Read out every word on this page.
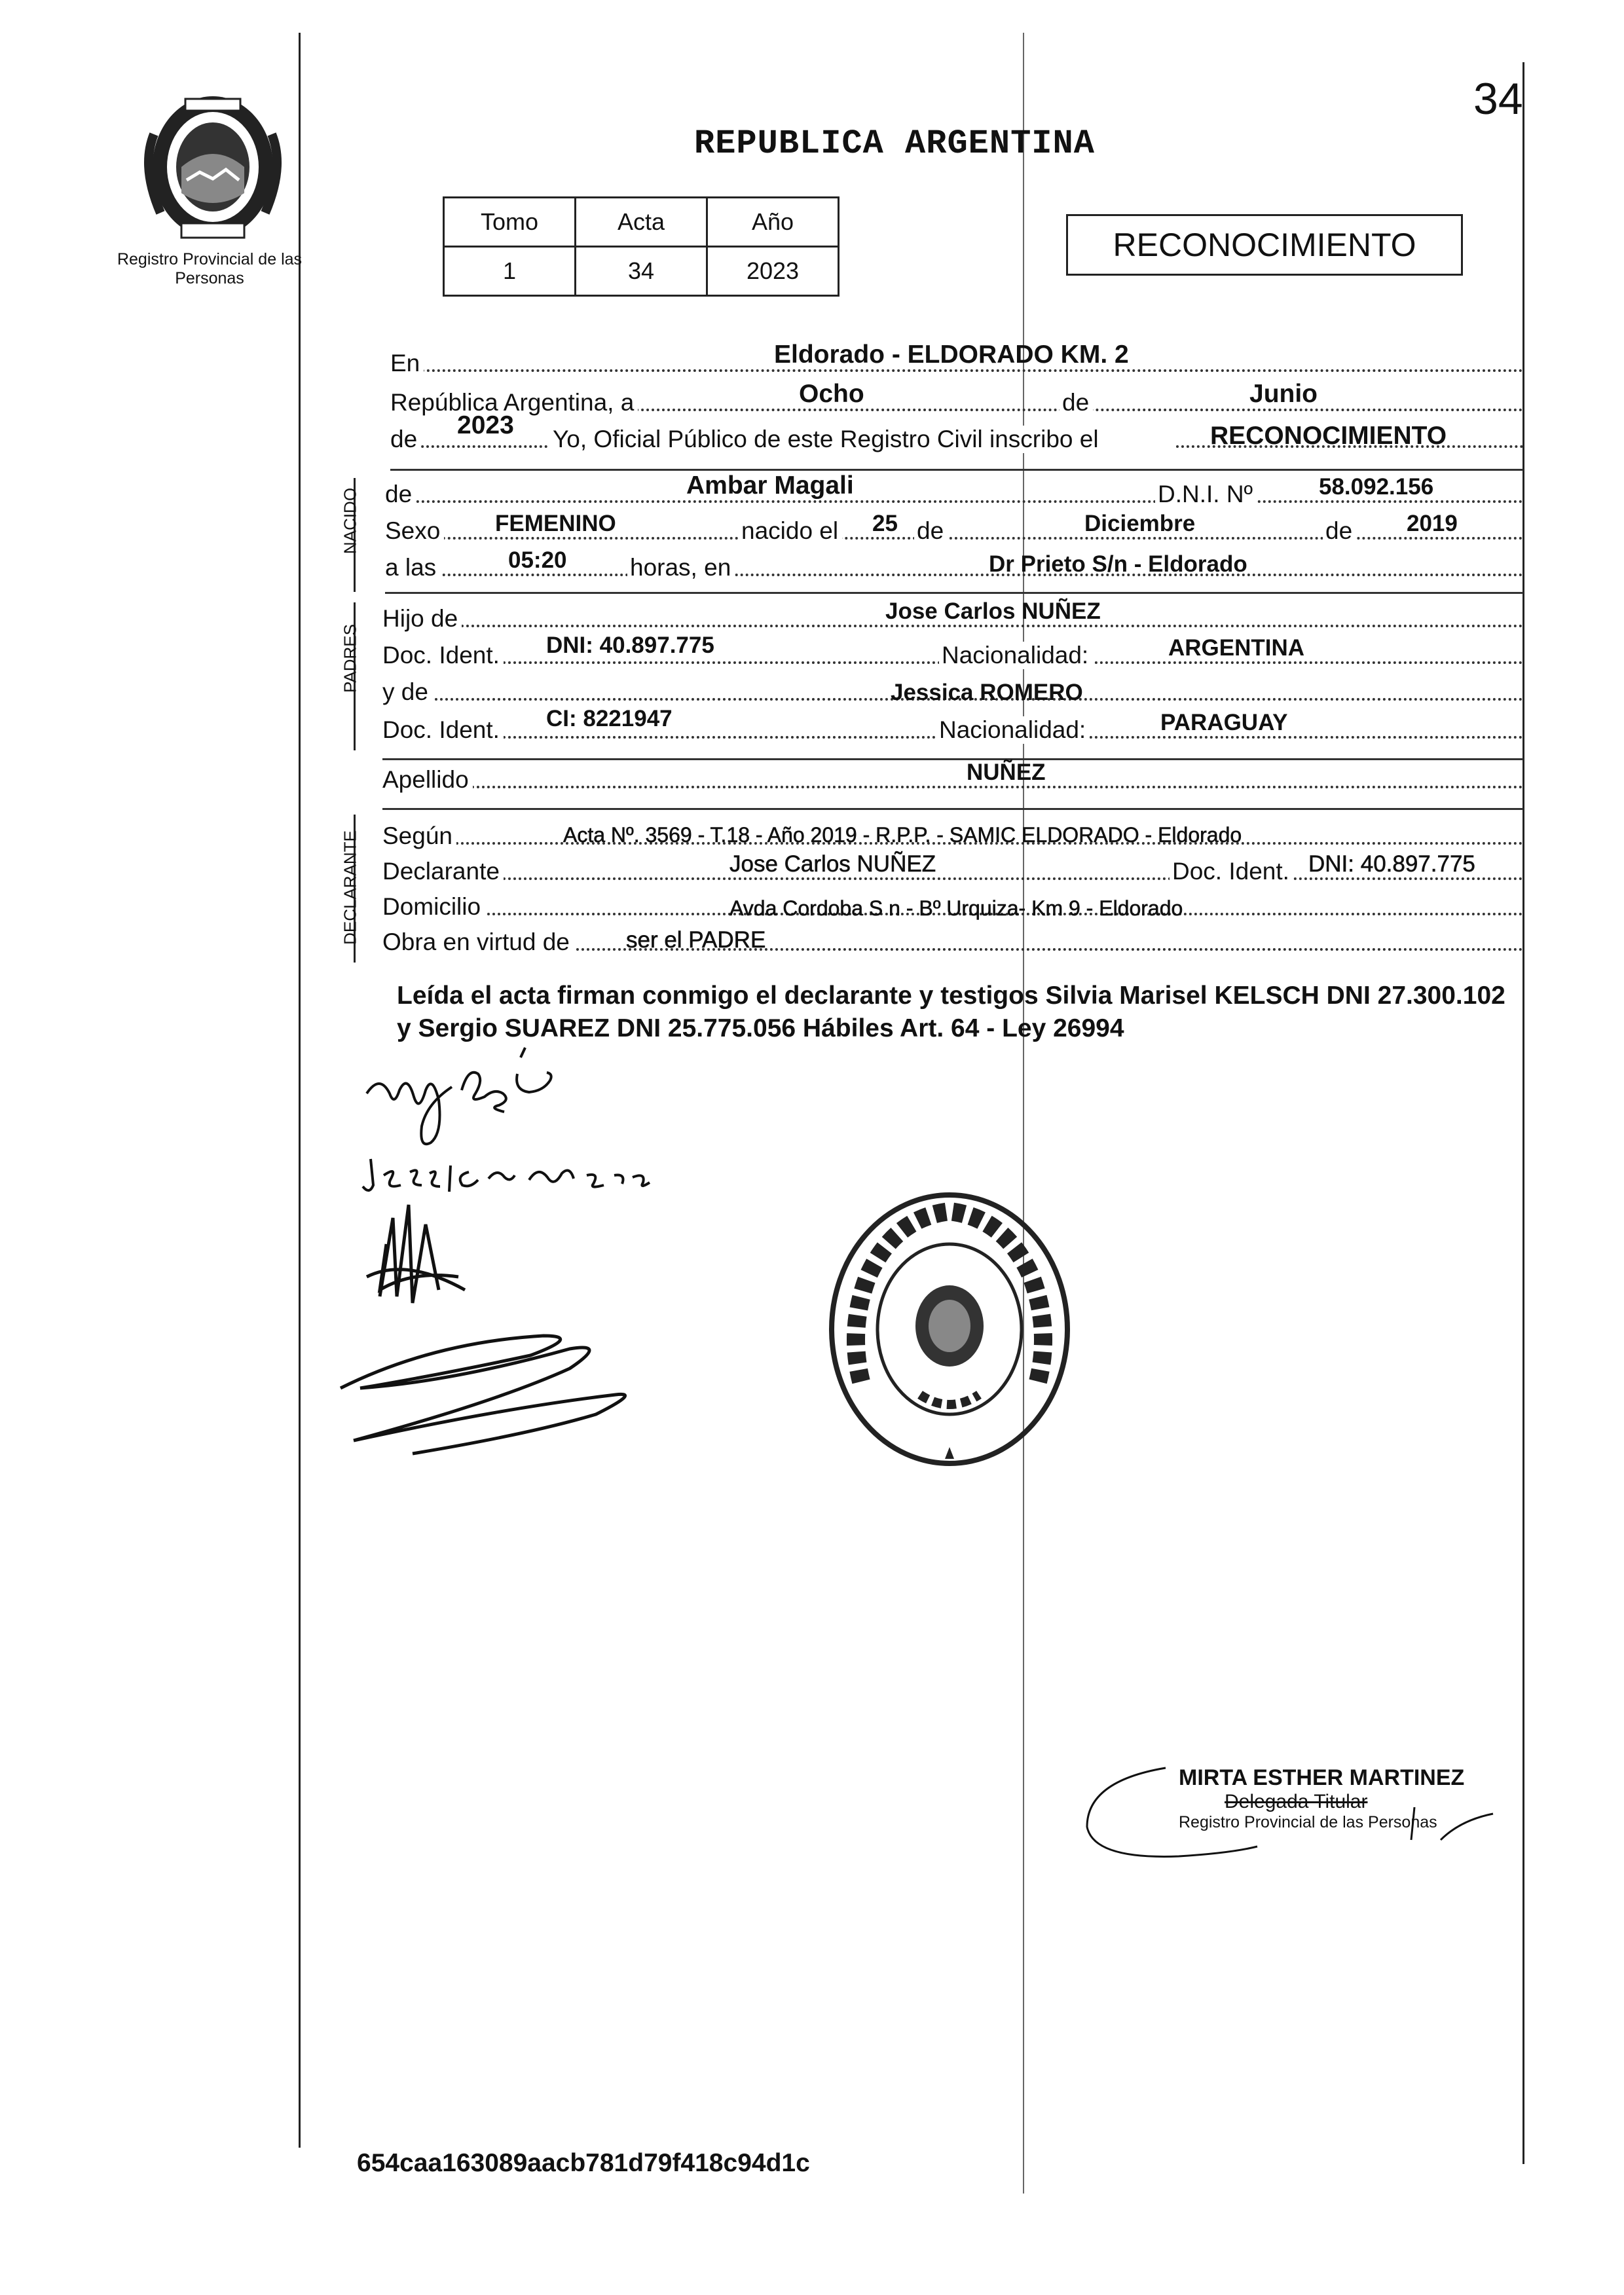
Registro Provincial de las Personas
34
REPUBLICA ARGENTINA
Tomo	Acta	Año
1	34	2023
RECONOCIMIENTO
En	Eldorado - ELDORADO KM. 2
República Argentina, a	Ocho	de	Junio
de 2023 Yo, Oficial Público de este Registro Civil inscribo el	RECONOCIMIENTO
NACIDO de	Ambar Magali	D.N.I. Nº	58.092.156
Sexo FEMENINO	nacido el 25 de	Diciembre	de 2019
a las	05:20	horas, en	Dr Prieto S/n - Eldorado
PADRES
Hijo de	Jose Carlos NUÑEZ
Doc. Ident. DNI: 40.897.775	Nacionalidad:	ARGENTINA
y de	Jessica ROMERO
Doc. Ident. CI: 8221947	Nacionalidad:	PARAGUAY
Apellido	NUÑEZ
DECLARANTE Según	Acta Nº. 3569 - T.18 - Año 2019 - R.P.P. - SAMIC ELDORADO - Eldorado
Declarante	Jose Carlos NUÑEZ	Doc. Ident. DNI: 40.897.775
Domicilio	Avda Cordoba S n - Bº Urquiza- Km 9 - Eldorado
Obra en virtud de ser el PADRE
Leída el acta firman conmigo el declarante y testigos Silvia Marisel KELSCH DNI 27.300.102 y Sergio SUAREZ DNI 25.775.056 Hábiles Art. 64 - Ley 26994
MIRTA ESTHER MARTINEZ
Delegada Titular
Registro Provincial de las Personas
654caa163089aacb781d79f418c94d1c
